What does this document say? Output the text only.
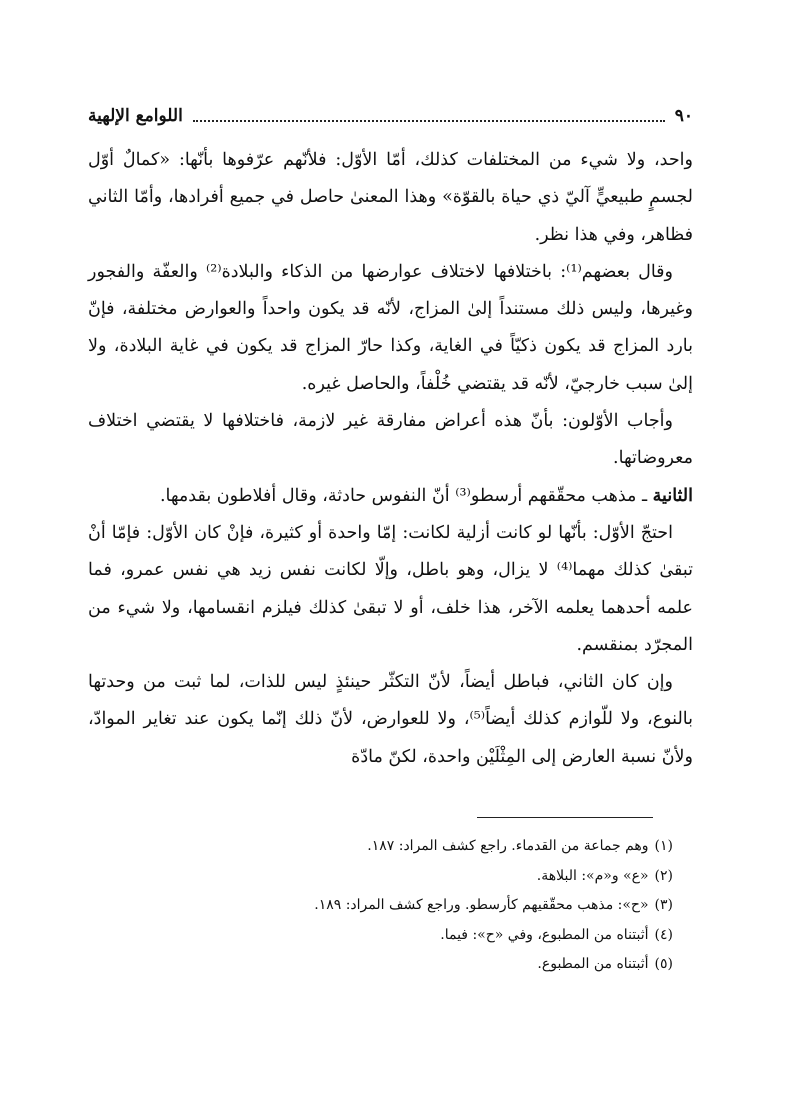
٩٠
اللوامع الإلهية

واحد، ولا شيء من المختلفات كذلك، أمّا الأوّل: فلأنّهم عرّفوها بأنّها: «كمالٌ أوّل لجسمٍ طبيعيٍّ آليّ ذي حياة بالقوّة» وهذا المعنىٰ حاصل في جميع أفرادها، وأمّا الثاني فظاهر، وفي هذا نظر.

وقال بعضهم⁽¹⁾: باختلافها لاختلاف عوارضها من الذكاء والبلادة⁽²⁾ والعفّة والفجور وغيرها، وليس ذلك مستنداً إلىٰ المزاج، لأنّه قد يكون واحداً والعوارض مختلفة، فإنّ بارد المزاج قد يكون ذكيّاً في الغاية، وكذا حارّ المزاج قد يكون في غاية البلادة، ولا إلىٰ سبب خارجيّ، لأنّه قد يقتضي خُلْفاً، والحاصل غيره.

وأجاب الأوّلون: بأنّ هذه أعراض مفارقة غير لازمة، فاختلافها لا يقتضي اختلاف معروضاتها.

الثانية ـ مذهب محقّقهم أرسطو⁽³⁾ أنّ النفوس حادثة، وقال أفلاطون بقدمها.

احتجّ الأوّل: بأنّها لو كانت أزلية لكانت: إمّا واحدة أو كثيرة، فإنْ كان الأوّل: فإمّا أنْ تبقىٰ كذلك مهما⁽⁴⁾ لا يزال، وهو باطل، وإلّا لكانت نفس زيد هي نفس عمرو، فما علمه أحدهما يعلمه الآخر، هذا خلف، أو لا تبقىٰ كذلك فيلزم انقسامها، ولا شيء من المجرّد بمنقسم.

وإن كان الثاني، فباطل أيضاً، لأنّ التكثّر حينئذٍ ليس للذات، لما ثبت من وحدتها بالنوع، ولا للّوازم كذلك أيضاً⁽⁵⁾، ولا للعوارض، لأنّ ذلك إنّما يكون عند تغاير الموادّ، ولأنّ نسبة العارض إلى المِثْلَيْن واحدة، لكنّ مادّة

(١)وهم جماعة من القدماء. راجع كشف المراد: ١٨٧.

(٢)«ع» و«م»: البلاهة.

(٣)«ح»: مذهب محقّقيهم كأرسطو. وراجع كشف المراد: ١٨٩.

(٤)أثبتناه من المطبوع، وفي «ح»: فيما.

(٥)أثبتناه من المطبوع.
